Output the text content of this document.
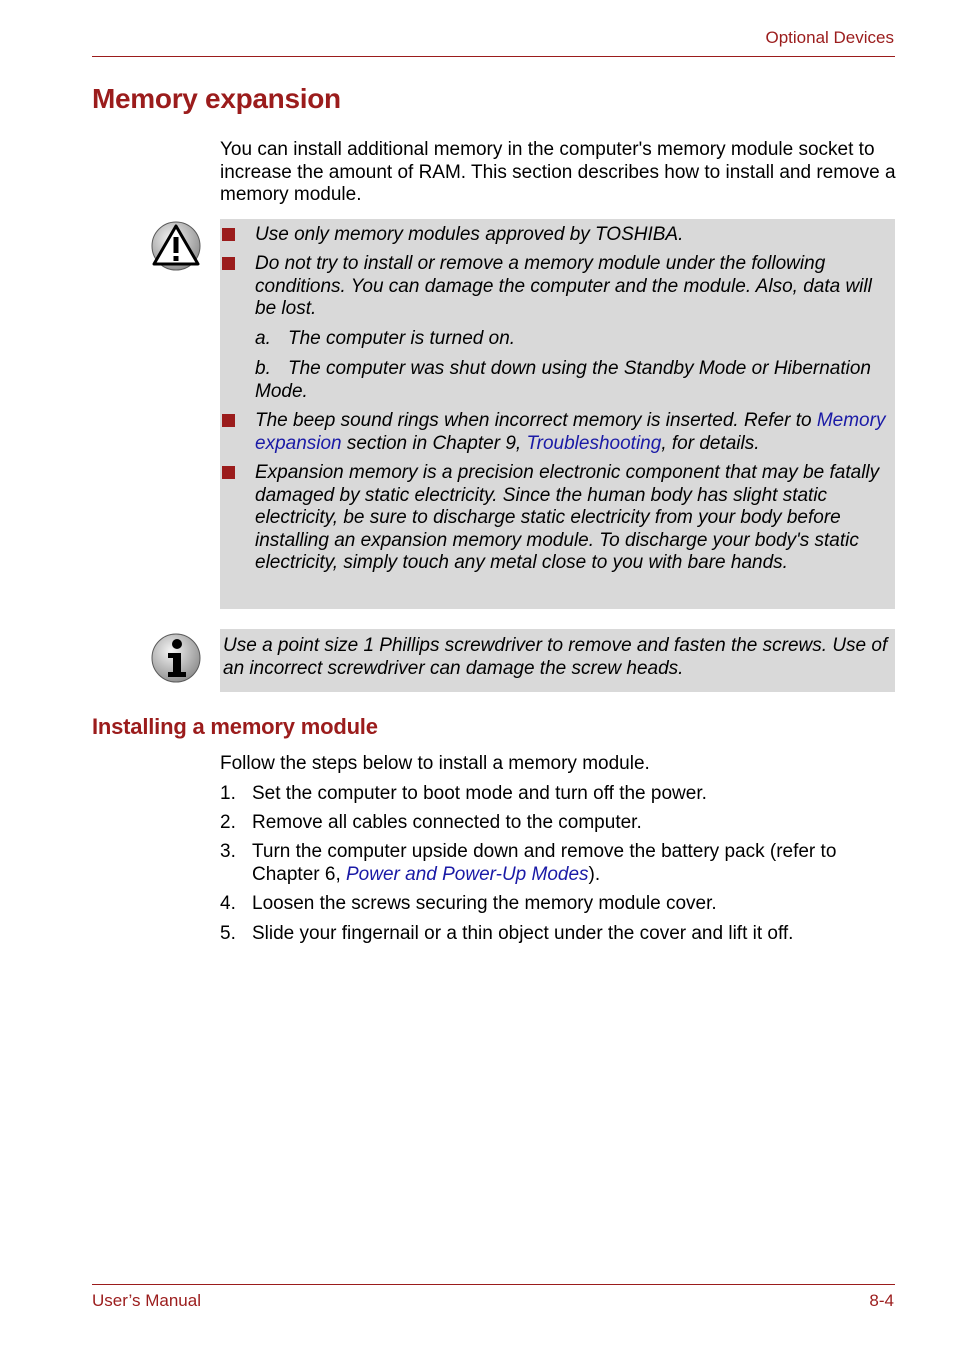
Optional Devices
Memory expansion
You can install additional memory in the computer's memory module socket to increase the amount of RAM. This section describes how to install and remove a memory module.
Use only memory modules approved by TOSHIBA.
Do not try to install or remove a memory module under the following conditions. You can damage the computer and the module. Also, data will be lost.
a. The computer is turned on.
b. The computer was shut down using the Standby Mode or Hibernation Mode.
The beep sound rings when incorrect memory is inserted. Refer to Memory expansion section in Chapter 9, Troubleshooting, for details.
Expansion memory is a precision electronic component that may be fatally damaged by static electricity. Since the human body has slight static electricity, be sure to discharge static electricity from your body before installing an expansion memory module. To discharge your body's static electricity, simply touch any metal close to you with bare hands.
Use a point size 1 Phillips screwdriver to remove and fasten the screws. Use of an incorrect screwdriver can damage the screw heads.
Installing a memory module
Follow the steps below to install a memory module.
1. Set the computer to boot mode and turn off the power.
2. Remove all cables connected to the computer.
3. Turn the computer upside down and remove the battery pack (refer to Chapter 6, Power and Power-Up Modes).
4. Loosen the screws securing the memory module cover.
5. Slide your fingernail or a thin object under the cover and lift it off.
User’s Manual	8-4
